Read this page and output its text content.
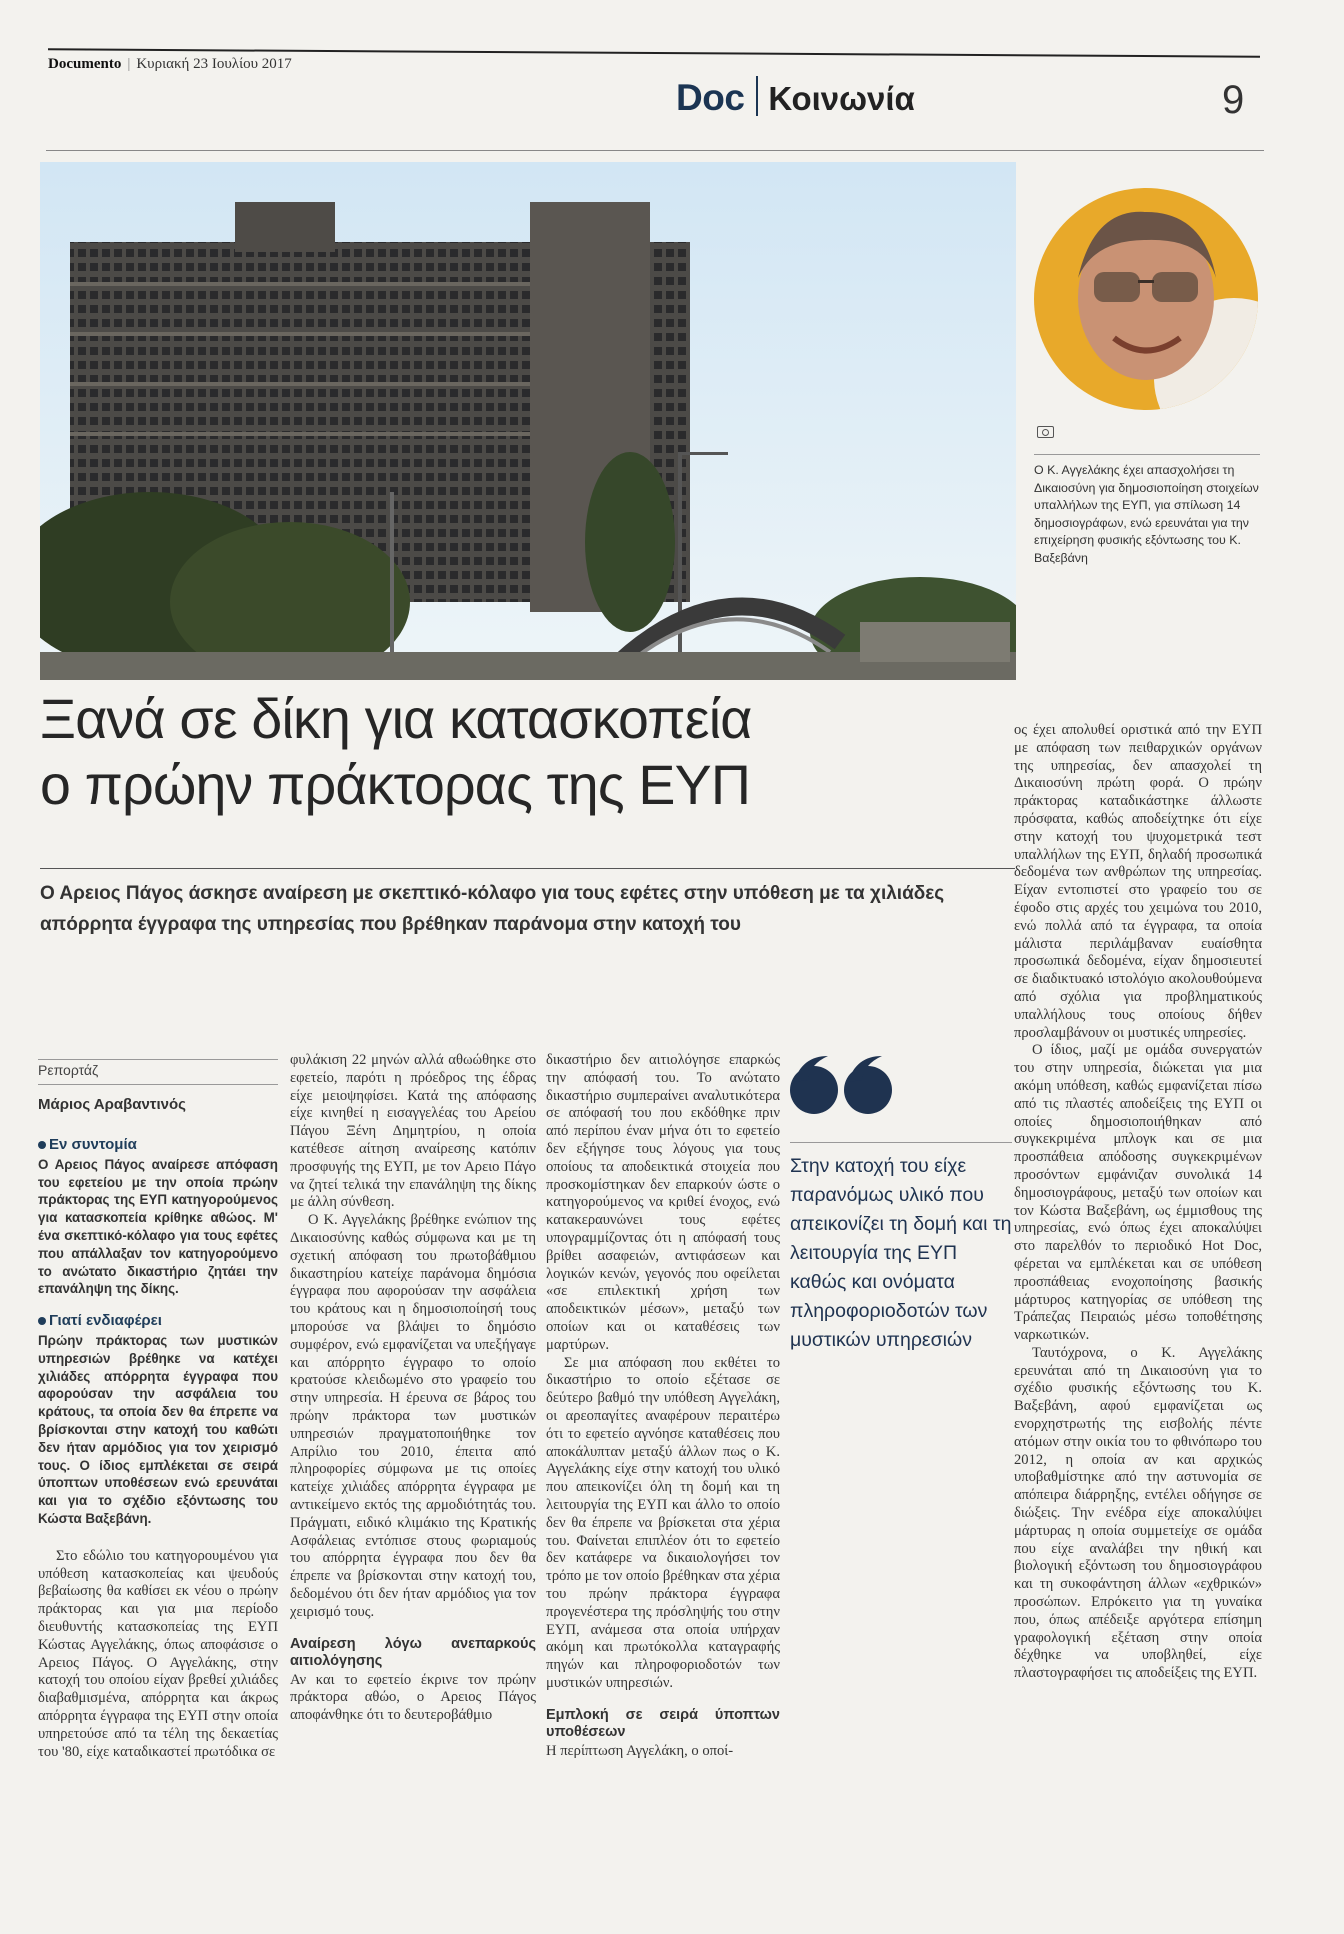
Documento | Κυριακή 23 Ιουλίου 2017
Doc Κοινωνία	9
Ο Κ. Αγγελάκης έχει απασχολήσει τη Δικαιοσύνη για δημοσιοποίηση στοιχείων υπαλλήλων της ΕΥΠ, για σπίλωση 14 δημοσιογράφων, ενώ ερευνάται για την επιχείρηση φυσικής εξόντωσης του Κ. Βαξεβάνη
Ξανά σε δίκη για κατασκοπεία
ο πρώην πράκτορας της ΕΥΠ
Ο Αρειος Πάγος άσκησε αναίρεση με σκεπτικό-κόλαφο για τους εφέτες στην υπόθεση με τα χιλιάδες απόρρητα έγγραφα της υπηρεσίας που βρέθηκαν παράνομα στην κατοχή του
Ρεπορτάζ
Μάριος Αραβαντινός
Εν συντομία
Ο Αρειος Πάγος αναίρεσε απόφαση του εφετείου με την οποία πρώην πράκτορας της ΕΥΠ κατηγορούμενος για κατασκοπεία κρίθηκε αθώος. Μ' ένα σκεπτικό-κόλαφο για τους εφέτες που απάλλαξαν τον κατηγορούμενο το ανώτατο δικαστήριο ζητάει την επανάληψη της δίκης.
Γιατί ενδιαφέρει
Πρώην πράκτορας των μυστικών υπηρεσιών βρέθηκε να κατέχει χιλιάδες απόρρητα έγγραφα που αφορούσαν την ασφάλεια του κράτους, τα οποία δεν θα έπρεπε να βρίσκονται στην κατοχή του καθώτι δεν ήταν αρμόδιος για τον χειρισμό τους. Ο ίδιος εμπλέκεται σε σειρά ύποπτων υποθέσεων ενώ ερευνάται και για το σχέδιο εξόντωσης του Κώστα Βαξεβάνη.

Στο εδώλιο του κατηγορουμένου για υπόθεση κατασκοπείας και ψευδούς βεβαίωσης θα καθίσει εκ νέου ο πρώην πράκτορας και για μια περίοδο διευθυντής κατασκοπείας της ΕΥΠ Κώστας Αγγελάκης, όπως αποφάσισε ο Αρειος Πάγος. Ο Αγγελάκης, στην κατοχή του οποίου είχαν βρεθεί χιλιάδες διαβαθμισμένα, απόρρητα και άκρως απόρρητα έγγραφα της ΕΥΠ στην οποία υπηρετούσε από τα τέλη της δεκαετίας του '80, είχε καταδικαστεί πρωτόδικα σε

φυλάκιση 22 μηνών αλλά αθωώθηκε στο εφετείο, παρότι η πρόεδρος της έδρας είχε μειοψηφίσει. Κατά της απόφασης είχε κινηθεί η εισαγγελέας του Αρείου Πάγου Ξένη Δημητρίου, η οποία κατέθεσε αίτηση αναίρεσης κατόπιν προσφυγής της ΕΥΠ, με τον Αρειο Πάγο να ζητεί τελικά την επανάληψη της δίκης με άλλη σύνθεση.

Ο Κ. Αγγελάκης βρέθηκε ενώπιον της Δικαιοσύνης καθώς σύμφωνα και με τη σχετική απόφαση του πρωτοβάθμιου δικαστηρίου κατείχε παράνομα δημόσια έγγραφα που αφορούσαν την ασφάλεια του κράτους και η δημοσιοποίησή τους μπορούσε να βλάψει το δημόσιο συμφέρον, ενώ εμφανίζεται να υπεξήγαγε και απόρρητο έγγραφο το οποίο κρατούσε κλειδωμένο στο γραφείο του στην υπηρεσία. Η έρευνα σε βάρος του πρώην πράκτορα των μυστικών υπηρεσιών πραγματοποιήθηκε τον Απρίλιο του 2010, έπειτα από πληροφορίες σύμφωνα με τις οποίες κατείχε χιλιάδες απόρρητα έγγραφα με αντικείμενο εκτός της αρμοδιότητάς του. Πράγματι, ειδικό κλιμάκιο της Κρατικής Ασφάλειας εντόπισε στους φωριαμούς του απόρρητα έγγραφα που δεν θα έπρεπε να βρίσκονται στην κατοχή του, δεδομένου ότι δεν ήταν αρμόδιος για τον χειρισμό τους.

Αναίρεση λόγω ανεπαρκούς αιτιολόγησης

Αν και το εφετείο έκρινε τον πρώην πράκτορα αθώο, ο Αρειος Πάγος αποφάνθηκε ότι το δευτεροβάθμιο

δικαστήριο δεν αιτιολόγησε επαρκώς την απόφασή του. Το ανώτατο δικαστήριο συμπεραίνει αναλυτικότερα σε απόφασή του που εκδόθηκε πριν από περίπου έναν μήνα ότι το εφετείο δεν εξήγησε τους λόγους για τους οποίους τα αποδεικτικά στοιχεία που προσκομίστηκαν δεν επαρκούν ώστε ο κατηγορούμενος να κριθεί ένοχος, ενώ κατακεραυνώνει τους εφέτες υπογραμμίζοντας ότι η απόφασή τους βρίθει ασαφειών, αντιφάσεων και λογικών κενών, γεγονός που οφείλεται «σε επιλεκτική χρήση των αποδεικτικών μέσων», μεταξύ των οποίων και οι καταθέσεις των μαρτύρων.

Σε μια απόφαση που εκθέτει το δικαστήριο το οποίο εξέτασε σε δεύτερο βαθμό την υπόθεση Αγγελάκη, οι αρεοπαγίτες αναφέρουν περαιτέρω ότι το εφετείο αγνόησε καταθέσεις που αποκάλυπταν μεταξύ άλλων πως ο Κ. Αγγελάκης είχε στην κατοχή του υλικό που απεικονίζει όλη τη δομή και τη λειτουργία της ΕΥΠ και άλλο το οποίο δεν θα έπρεπε να βρίσκεται στα χέρια του. Φαίνεται επιπλέον ότι το εφετείο δεν κατάφερε να δικαιολογήσει τον τρόπο με τον οποίο βρέθηκαν στα χέρια του πρώην πράκτορα έγγραφα προγενέστερα της πρόσληψής του στην ΕΥΠ, ανάμεσα στα οποία υπήρχαν ακόμη και πρωτόκολλα καταγραφής πηγών και πληροφοριοδοτών των μυστικών υπηρεσιών.

Εμπλοκή σε σειρά ύποπτων υποθέσεων

Η περίπτωση Αγγελάκη, ο οποί-

Στην κατοχή του είχε παρανόμως υλικό που απεικονίζει τη δομή και τη λειτουργία της ΕΥΠ καθώς και ονόματα πληροφοριοδοτών των μυστικών υπηρεσιών

ος έχει απολυθεί οριστικά από την ΕΥΠ με απόφαση των πειθαρχικών οργάνων της υπηρεσίας, δεν απασχολεί τη Δικαιοσύνη πρώτη φορά. Ο πρώην πράκτορας καταδικάστηκε άλλωστε πρόσφατα, καθώς αποδείχτηκε ότι είχε στην κατοχή του ψυχομετρικά τεστ υπαλλήλων της ΕΥΠ, δηλαδή προσωπικά δεδομένα των ανθρώπων της υπηρεσίας. Είχαν εντοπιστεί στο γραφείο του σε έφοδο στις αρχές του χειμώνα του 2010, ενώ πολλά από τα έγγραφα, τα οποία μάλιστα περιλάμβαναν ευαίσθητα προσωπικά δεδομένα, είχαν δημοσιευτεί σε διαδικτυακό ιστολόγιο ακολουθούμενα από σχόλια για προβληματικούς υπαλλήλους τους οποίους δήθεν προσλαμβάνουν οι μυστικές υπηρεσίες.

Ο ίδιος, μαζί με ομάδα συνεργατών του στην υπηρεσία, διώκεται για μια ακόμη υπόθεση, καθώς εμφανίζεται πίσω από τις πλαστές αποδείξεις της ΕΥΠ οι οποίες δημοσιοποιήθηκαν από συγκεκριμένα μπλογκ και σε μια προσπάθεια απόδοσης συγκεκριμένων προσόντων εμφάνιζαν συνολικά 14 δημοσιογράφους, μεταξύ των οποίων και τον Κώστα Βαξεβάνη, ως έμμισθους της υπηρεσίας, ενώ όπως έχει αποκαλύψει στο παρελθόν το περιοδικό Hot Doc, φέρεται να εμπλέκεται και σε υπόθεση προσπάθειας ενοχοποίησης βασικής μάρτυρος κατηγορίας σε υπόθεση της Τράπεζας Πειραιώς μέσω τοποθέτησης ναρκωτικών.

Ταυτόχρονα, ο Κ. Αγγελάκης ερευνάται από τη Δικαιοσύνη για το σχέδιο φυσικής εξόντωσης του Κ. Βαξεβάνη, αφού εμφανίζεται ως ενορχηστρωτής της εισβολής πέντε ατόμων στην οικία του το φθινόπωρο του 2012, η οποία αν και αρχικώς υποβαθμίστηκε από την αστυνομία σε απόπειρα διάρρηξης, εντέλει οδήγησε σε διώξεις. Την ενέδρα είχε αποκαλύψει μάρτυρας η οποία συμμετείχε σε ομάδα που είχε αναλάβει την ηθική και βιολογική εξόντωση του δημοσιογράφου και τη συκοφάντηση άλλων «εχθρικών» προσώπων. Επρόκειτο για τη γυναίκα που, όπως απέδειξε αργότερα επίσημη γραφολογική εξέταση στην οποία δέχθηκε να υποβληθεί, είχε πλαστογραφήσει τις αποδείξεις της ΕΥΠ.
